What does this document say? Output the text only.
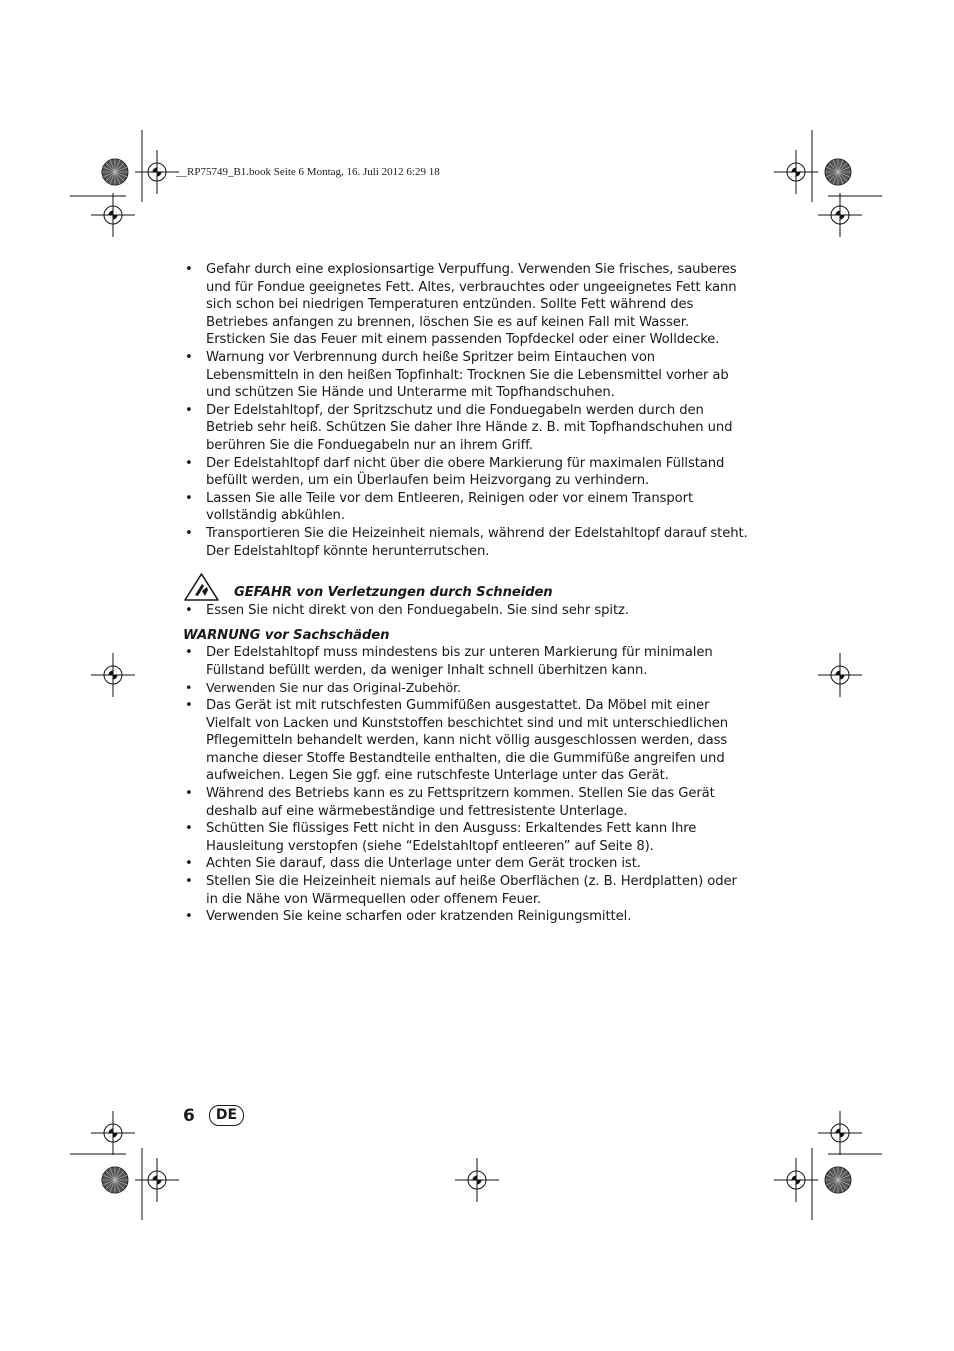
__RP75749_B1.book Seite 6 Montag, 16. Juli 2012 6:29 18
• Gefahr durch eine explosionsartige Verpuffung. Verwenden Sie frisches, sauberes und für Fondue geeignetes Fett. Altes, verbrauchtes oder ungeeignetes Fett kann sich schon bei niedrigen Temperaturen entzünden. Sollte Fett während des Betriebes anfangen zu brennen, löschen Sie es auf keinen Fall mit Wasser. Ersticken Sie das Feuer mit einem passenden Topfdeckel oder einer Wolldecke.
• Warnung vor Verbrennung durch heiße Spritzer beim Eintauchen von Lebensmitteln in den heißen Topfinhalt: Trocknen Sie die Lebensmittel vorher ab und schützen Sie Hände und Unterarme mit Topfhandschuhen.
• Der Edelstahltopf, der Spritzschutz und die Fonduegabeln werden durch den Betrieb sehr heiß. Schützen Sie daher Ihre Hände z. B. mit Topfhandschuhen und berühren Sie die Fonduegabeln nur an ihrem Griff.
• Der Edelstahltopf darf nicht über die obere Markierung für maximalen Füllstand befüllt werden, um ein Überlaufen beim Heizvorgang zu verhindern.
• Lassen Sie alle Teile vor dem Entleeren, Reinigen oder vor einem Transport vollständig abkühlen.
• Transportieren Sie die Heizeinheit niemals, während der Edelstahltopf darauf steht. Der Edelstahltopf könnte herunterrutschen.
GEFAHR von Verletzungen durch Schneiden
• Essen Sie nicht direkt von den Fonduegabeln. Sie sind sehr spitz.
WARNUNG vor Sachschäden
• Der Edelstahltopf muss mindestens bis zur unteren Markierung für minimalen Füllstand befüllt werden, da weniger Inhalt schnell überhitzen kann.
• Verwenden Sie nur das Original-Zubehör.
• Das Gerät ist mit rutschfesten Gummifüßen ausgestattet. Da Möbel mit einer Vielfalt von Lacken und Kunststoffen beschichtet sind und mit unterschiedlichen Pflegemitteln behandelt werden, kann nicht völlig ausgeschlossen werden, dass manche dieser Stoffe Bestandteile enthalten, die die Gummifüße angreifen und aufweichen. Legen Sie ggf. eine rutschfeste Unterlage unter das Gerät.
• Während des Betriebs kann es zu Fettspritzern kommen. Stellen Sie das Gerät deshalb auf eine wärmebeständige und fettresistente Unterlage.
• Schütten Sie flüssiges Fett nicht in den Ausguss: Erkaltendes Fett kann Ihre Hausleitung verstopfen (siehe “Edelstahltopf entleeren” auf Seite 8).
• Achten Sie darauf, dass die Unterlage unter dem Gerät trocken ist.
• Stellen Sie die Heizeinheit niemals auf heiße Oberflächen (z. B. Herdplatten) oder in die Nähe von Wärmequellen oder offenem Feuer.
• Verwenden Sie keine scharfen oder kratzenden Reinigungsmittel.
6	DE
